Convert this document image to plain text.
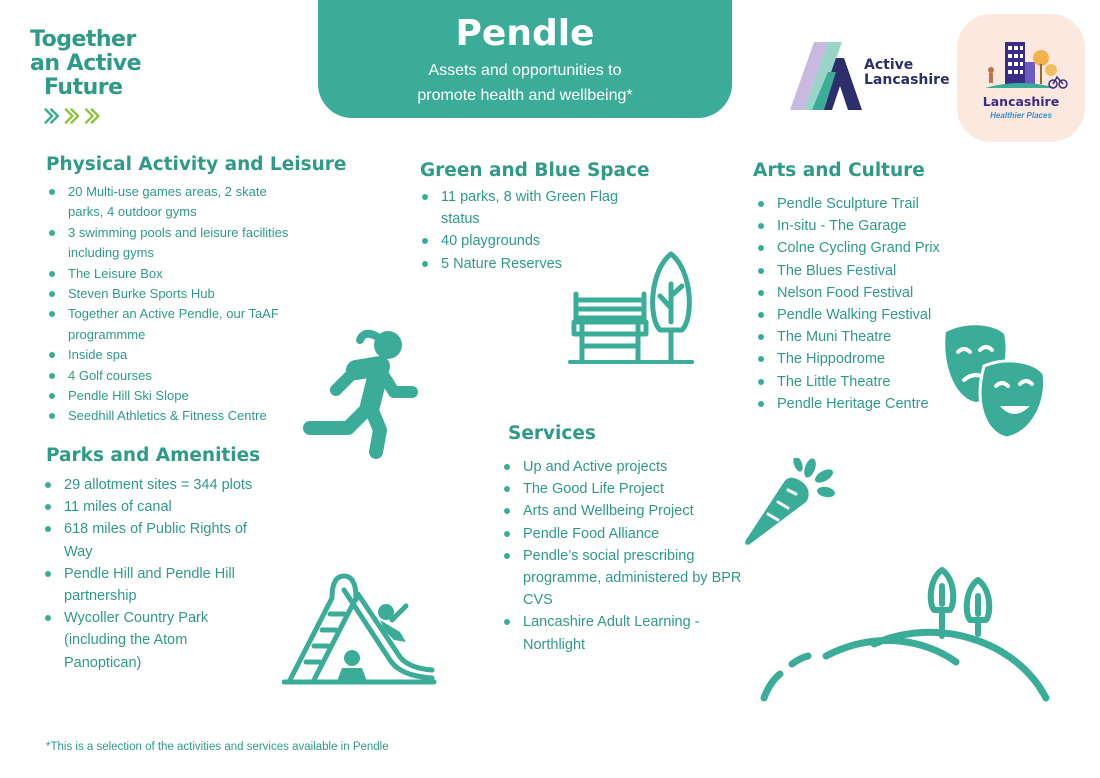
Together
an Active
Future
Pendle
Assets and opportunities to
promote health and wellbeing*
Active
Lancashire
Lancashire
Healthier Places
Physical Activity and Leisure
20 Multi-use games areas, 2 skate parks, 4 outdoor gyms
3 swimming pools and leisure facilities including gyms
The Leisure Box
Steven Burke Sports Hub
Together an Active Pendle, our TaAF programmme
Inside spa
4 Golf courses
Pendle Hill Ski Slope
Seedhill Athletics & Fitness Centre
Parks and Amenities
29 allotment sites = 344 plots
11 miles of canal
618 miles of Public Rights of Way
Pendle Hill and Pendle Hill partnership
Wycoller Country Park (including the Atom Panoptican)
Green and Blue Space
11 parks, 8 with Green Flag status
40 playgrounds
5 Nature Reserves
Arts and Culture
Pendle Sculpture Trail
In-situ - The Garage
Colne Cycling Grand Prix
The Blues Festival
Nelson Food Festival
Pendle Walking Festival
The Muni Theatre
The Hippodrome
The Little Theatre
Pendle Heritage Centre
Services
Up and Active projects
The Good Life Project
Arts and Wellbeing Project
Pendle Food Alliance
Pendle’s social prescribing programme, administered by BPR CVS
Lancashire Adult Learning - Northlight
*This is a selection of the activities and services available in Pendle
